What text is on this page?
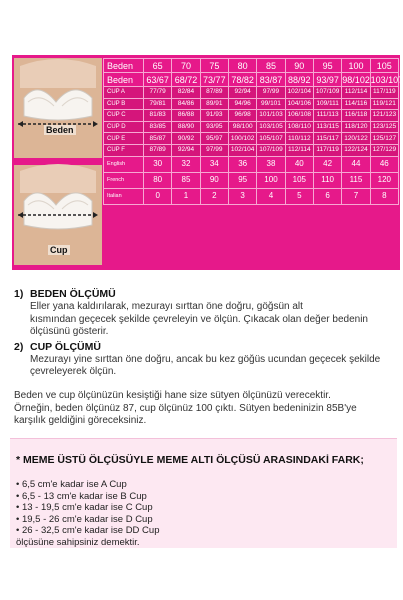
Beden
Cup
Beden	65	70	75	80	85	90	95	100	105
Beden	63/67	68/72	73/77	78/82	83/87	88/92	93/97	98/102	103/107
CUP A	77/79	82/84	87/89	92/94	97/99	102/104	107/109	112/114	117/119
CUP B	79/81	84/86	89/91	94/96	99/101	104/106	109/111	114/116	119/121
CUP C	81/83	86/88	91/93	96/98	101/103	106/108	111/113	116/118	121/123
CUP D	83/85	88/90	93/95	98/100	103/105	108/110	113/115	118/120	123/125
CUP E	85/87	90/92	95/97	100/102	105/107	110/112	115/117	120/122	125/127
CUP F	87/89	92/94	97/99	102/104	107/109	112/114	117/119	122/124	127/129
English	30	32	34	36	38	40	42	44	46
French	80	85	90	95	100	105	110	115	120
Italian	0	1	2	3	4	5	6	7	8
1) BEDEN ÖLÇÜMÜ
Eller yana kaldırılarak, mezurayı sırttan öne doğru, göğsün alt
kısmından geçecek şekilde çevreleyin ve ölçün. Çıkacak olan değer bedenin
ölçüsünü gösterir.
2) CUP ÖLÇÜMÜ
Mezurayı yine sırttan öne doğru, ancak bu kez göğüs ucundan geçecek şekilde
çevreleyerek ölçün.
Beden ve cup ölçünüzün kesiştiği hane size sütyen ölçünüzü verecektir.
Örneğin, beden ölçünüz 87, cup ölçünüz 100 çıktı. Sütyen bedeninizin 85B'ye
karşılık geldiğini göreceksiniz.
* MEME ÜSTÜ ÖLÇÜSÜYLE MEME ALTI ÖLÇÜSÜ ARASINDAKİ FARK;
• 6,5 cm'e kadar ise A Cup
• 6,5 - 13 cm'e kadar ise B Cup
• 13 - 19,5 cm'e kadar ise C Cup
• 19,5 - 26 cm'e kadar ise D Cup
• 26 - 32,5 cm'e kadar ise DD Cup
ölçüsüne sahipsiniz demektir.
